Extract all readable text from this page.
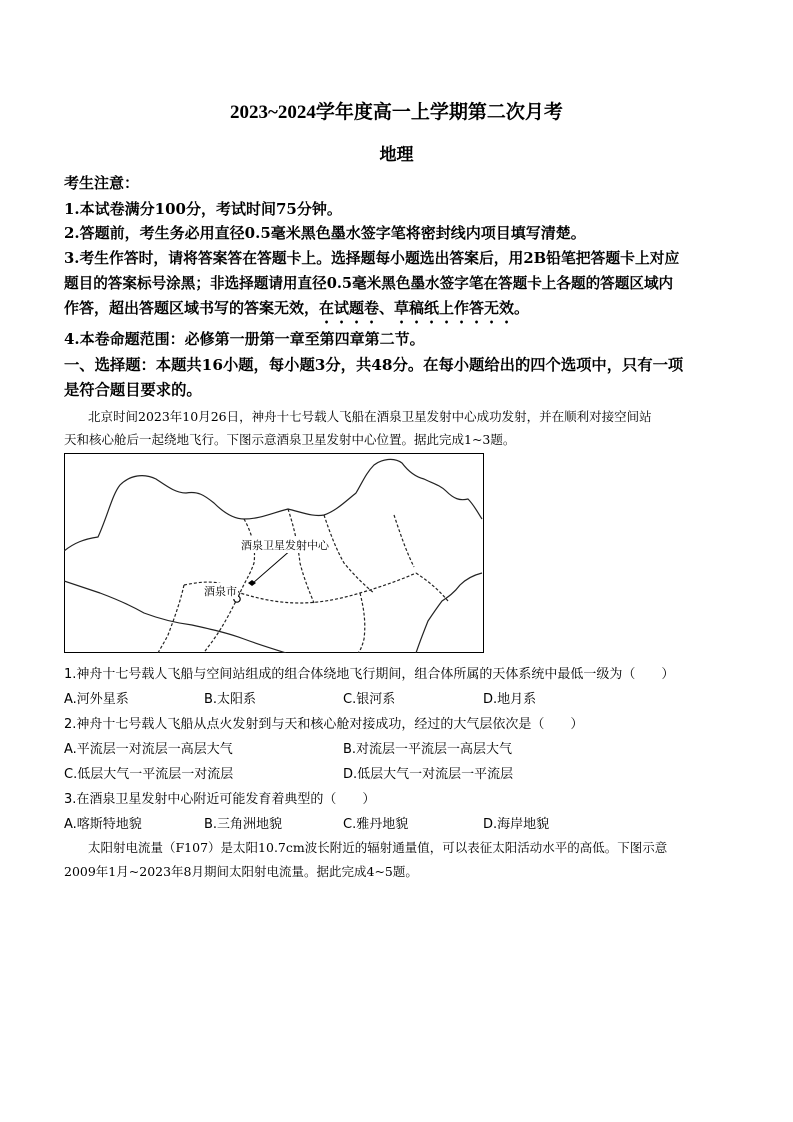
2023~2024学年度高一上学期第二次月考
地理
考生注意：
1.本试卷满分100分，考试时间75分钟。
2.答题前，考生务必用直径0.5毫米黑色墨水签字笔将密封线内项目填写清楚。
3.考生作答时，请将答案答在答题卡上。选择题每小题选出答案后，用2B铅笔把答题卡上对应
题目的答案标号涂黑；非选择题请用直径0.5毫米黑色墨水签字笔在答题卡上各题的答题区域内
作答，超出答题区域书写的答案无效，在试题卷、草稿纸上作答无效。
4.本卷命题范围：必修第一册第一章至第四章第二节。
一、选择题：本题共16小题，每小题3分，共48分。在每小题给出的四个选项中，只有一项
是符合题目要求的。
北京时间2023年10月26日，神舟十七号载人飞船在酒泉卫星发射中心成功发射，并在顺利对接空间站
天和核心舱后一起绕地飞行。下图示意酒泉卫星发射中心位置。据此完成1~3题。
酒泉卫星发射中心
酒泉市
1.神舟十七号载人飞船与空间站组成的组合体绕地飞行期间，组合体所属的天体系统中最低一级为（　　）
A.河外星系	B.太阳系	C.银河系	D.地月系
2.神舟十七号载人飞船从点火发射到与天和核心舱对接成功，经过的大气层依次是（　　）
A.平流层一对流层一高层大气	B.对流层一平流层一高层大气
C.低层大气一平流层一对流层	D.低层大气一对流层一平流层
3.在酒泉卫星发射中心附近可能发育着典型的（　　）
A.喀斯特地貌	B.三角洲地貌	C.雅丹地貌	D.海岸地貌
太阳射电流量（F107）是太阳10.7cm波长附近的辐射通量值，可以表征太阳活动水平的高低。下图示意
2009年1月~2023年8月期间太阳射电流量。据此完成4~5题。
